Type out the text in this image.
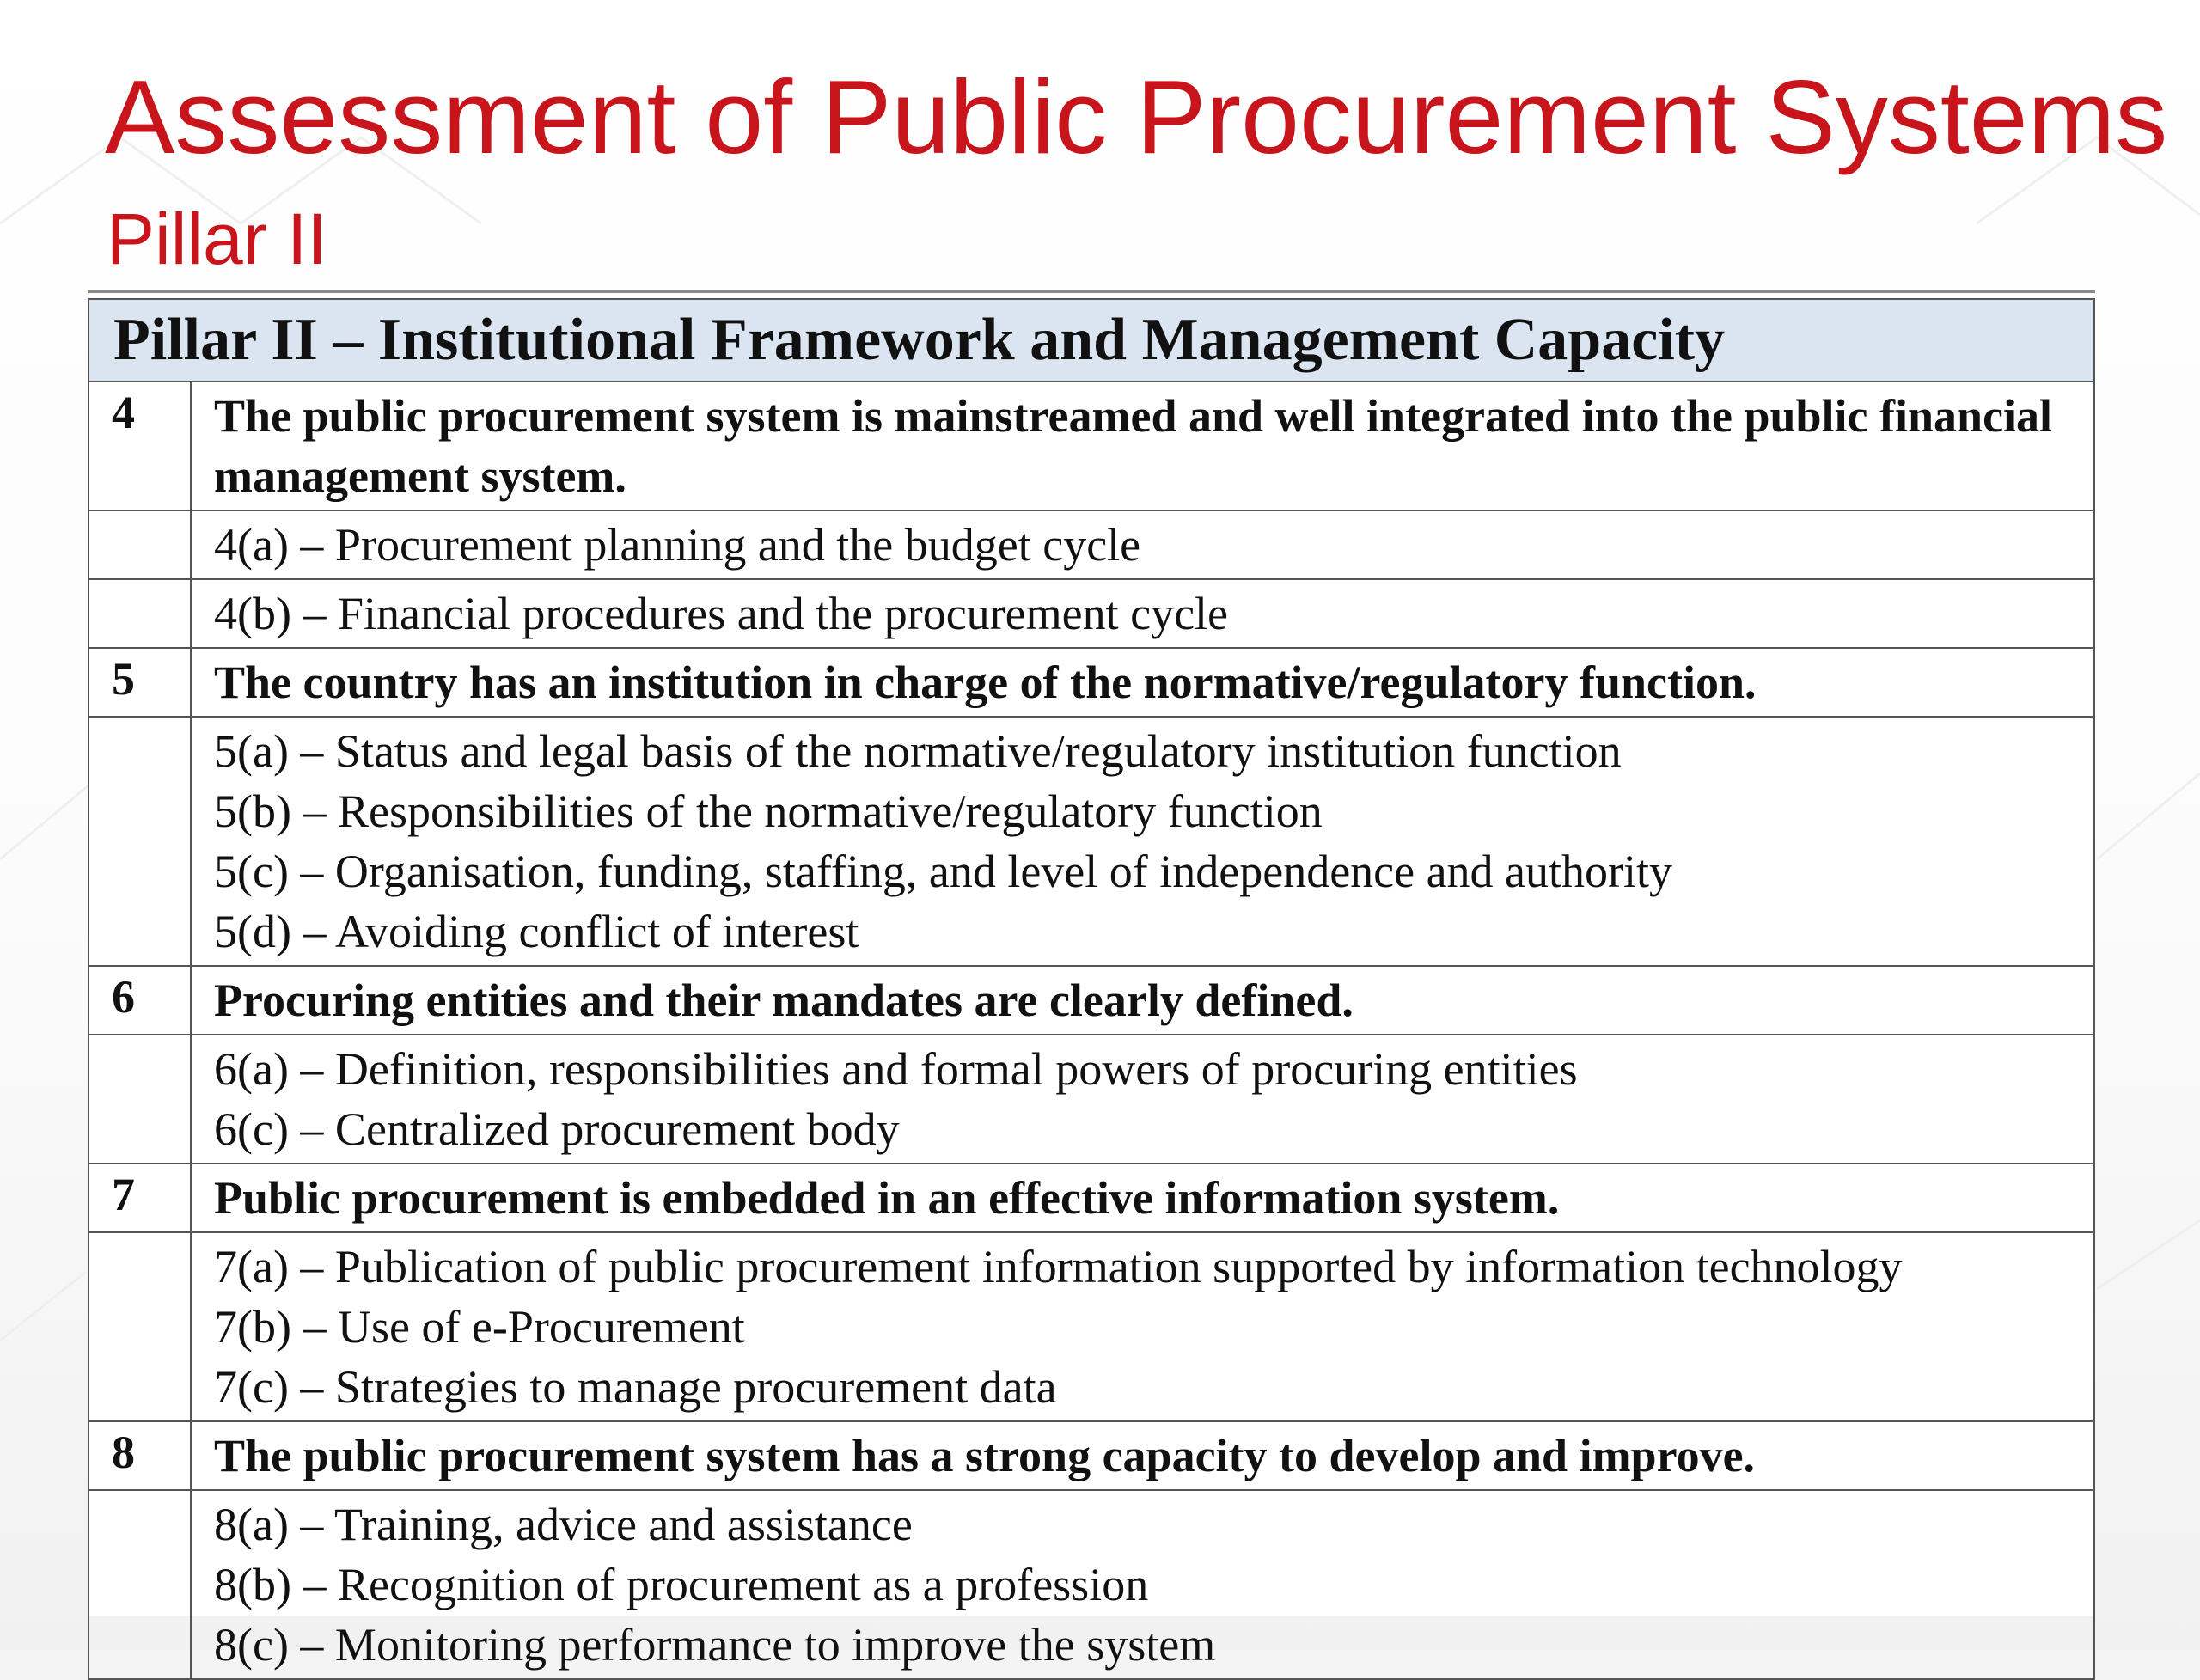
Assessment of Public Procurement Systems
Pillar II
Pillar II – Institutional Framework and Management Capacity	
4	The public procurement system is mainstreamed and well integrated into the public financial management system.

	4(a) – Procurement planning and the budget cycle

	4(b) – Financial procedures and the procurement cycle

5	The country has an institution in charge of the normative/regulatory function.

	5(a) – Status and legal basis of the normative/regulatory institution function
5(b) – Responsibilities of the normative/regulatory function
5(c) – Organisation, funding, staffing, and level of independence and authority
5(d) – Avoiding conflict of interest

6	Procuring entities and their mandates are clearly defined.

	6(a) – Definition, responsibilities and formal powers of procuring entities
6(c) – Centralized procurement body

7	Public procurement is embedded in an effective information system.

	7(a) – Publication of public procurement information supported by information technology
7(b) – Use of e-Procurement
7(c) – Strategies to manage procurement data

8	The public procurement system has a strong capacity to develop and improve.

	8(a) – Training, advice and assistance
8(b) – Recognition of procurement as a profession
8(c) – Monitoring performance to improve the system
